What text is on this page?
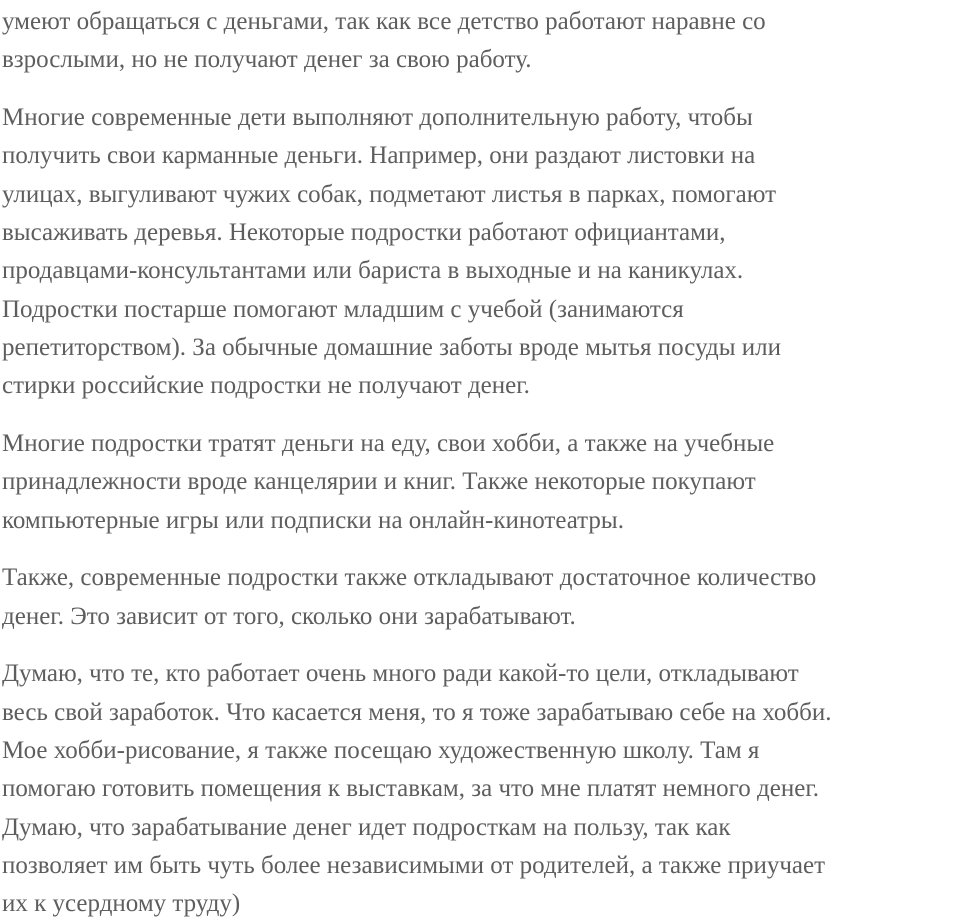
умеют обращаться с деньгами, так как все детство работают наравне со
взрослыми, но не получают денег за свою работу.
Многие современные дети выполняют дополнительную работу, чтобы
получить свои карманные деньги. Например, они раздают листовки на
улицах, выгуливают чужих собак, подметают листья в парках, помогают
высаживать деревья. Некоторые подростки работают официантами,
продавцами-консультантами или бариста в выходные и на каникулах.
Подростки постарше помогают младшим с учебой (занимаются
репетиторством). За обычные домашние заботы вроде мытья посуды или
стирки российские подростки не получают денег.
Многие подростки тратят деньги на еду, свои хобби, а также на учебные
принадлежности вроде канцелярии и книг. Также некоторые покупают
компьютерные игры или подписки на онлайн-кинотеатры.
Также, современные подростки также откладывают достаточное количество
денег. Это зависит от того, сколько они зарабатывают.
Думаю, что те, кто работает очень много ради какой-то цели, откладывают
весь свой заработок. Что касается меня, то я тоже зарабатываю себе на хобби.
Мое хобби-рисование, я также посещаю художественную школу. Там я
помогаю готовить помещения к выставкам, за что мне платят немного денег.
Думаю, что зарабатывание денег идет подросткам на пользу, так как
позволяет им быть чуть более независимыми от родителей, а также приучает
их к усердному труду)
